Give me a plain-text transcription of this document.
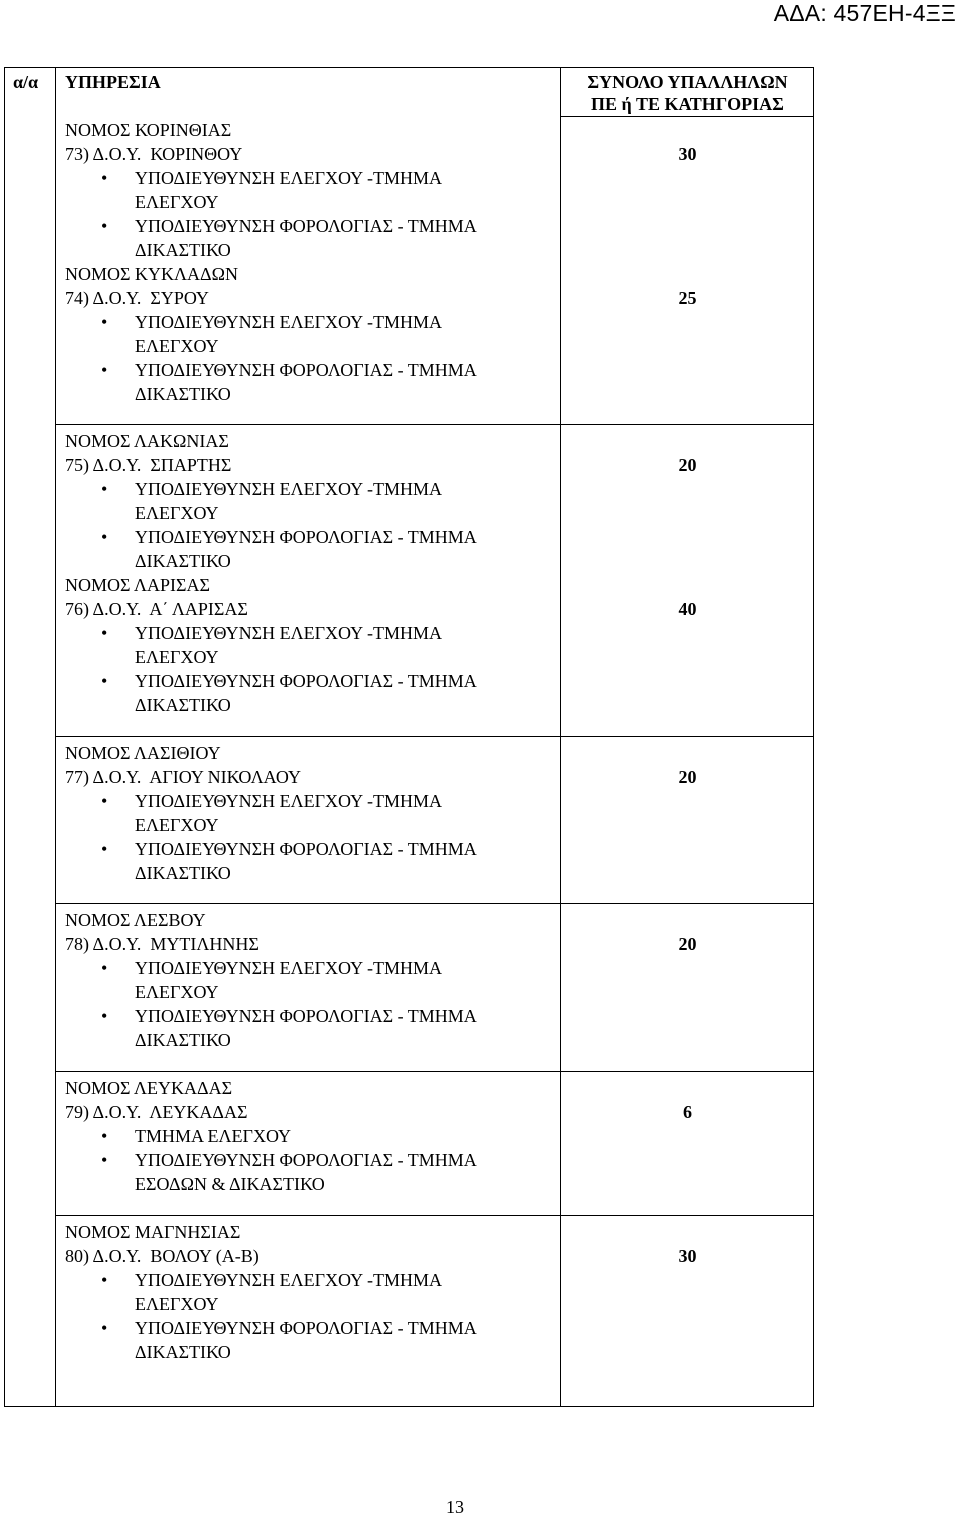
ΑΔΑ: 457ΕΗ-4ΞΞ
α/α ΥΠΗΡΕΣΙΑ	ΣΥΝΟΛΟ ΥΠΑΛΛΗΛΩΝ
ΠΕ ή ΤΕ ΚΑΤΗΓΟΡΙΑΣ
ΝΟΜΟΣ ΚΟΡΙΝΘΙΑΣ
73) Δ.Ο.Υ.  ΚΟΡΙΝΘΟΥ
• ΥΠΟΔΙΕΥΘΥΝΣΗ ΕΛΕΓΧΟΥ -ΤΜΗΜΑ
ΕΛΕΓΧΟΥ
• ΥΠΟΔΙΕΥΘΥΝΣΗ ΦΟΡΟΛΟΓΙΑΣ - ΤΜΗΜΑ
ΔΙΚΑΣΤΙΚΟ
30
ΝΟΜΟΣ ΚΥΚΛΑΔΩΝ
74) Δ.Ο.Υ.  ΣΥΡΟΥ
• ΥΠΟΔΙΕΥΘΥΝΣΗ ΕΛΕΓΧΟΥ -ΤΜΗΜΑ
ΕΛΕΓΧΟΥ
• ΥΠΟΔΙΕΥΘΥΝΣΗ ΦΟΡΟΛΟΓΙΑΣ - ΤΜΗΜΑ
ΔΙΚΑΣΤΙΚΟ
25
ΝΟΜΟΣ ΛΑΚΩΝΙΑΣ
75) Δ.Ο.Υ.  ΣΠΑΡΤΗΣ
• ΥΠΟΔΙΕΥΘΥΝΣΗ ΕΛΕΓΧΟΥ -ΤΜΗΜΑ
ΕΛΕΓΧΟΥ
• ΥΠΟΔΙΕΥΘΥΝΣΗ ΦΟΡΟΛΟΓΙΑΣ - ΤΜΗΜΑ
ΔΙΚΑΣΤΙΚΟ
20
ΝΟΜΟΣ ΛΑΡΙΣΑΣ
76) Δ.Ο.Υ.  Α΄ ΛΑΡΙΣΑΣ
• ΥΠΟΔΙΕΥΘΥΝΣΗ ΕΛΕΓΧΟΥ -ΤΜΗΜΑ
ΕΛΕΓΧΟΥ
• ΥΠΟΔΙΕΥΘΥΝΣΗ ΦΟΡΟΛΟΓΙΑΣ - ΤΜΗΜΑ
ΔΙΚΑΣΤΙΚΟ
40
ΝΟΜΟΣ ΛΑΣΙΘΙΟΥ
77) Δ.Ο.Υ.  ΑΓΙΟΥ ΝΙΚΟΛΑΟΥ
• ΥΠΟΔΙΕΥΘΥΝΣΗ ΕΛΕΓΧΟΥ -ΤΜΗΜΑ
ΕΛΕΓΧΟΥ
• ΥΠΟΔΙΕΥΘΥΝΣΗ ΦΟΡΟΛΟΓΙΑΣ - ΤΜΗΜΑ
ΔΙΚΑΣΤΙΚΟ
20
ΝΟΜΟΣ ΛΕΣΒΟΥ
78) Δ.Ο.Υ.  ΜΥΤΙΛΗΝΗΣ
• ΥΠΟΔΙΕΥΘΥΝΣΗ ΕΛΕΓΧΟΥ -ΤΜΗΜΑ
ΕΛΕΓΧΟΥ
• ΥΠΟΔΙΕΥΘΥΝΣΗ ΦΟΡΟΛΟΓΙΑΣ - ΤΜΗΜΑ
ΔΙΚΑΣΤΙΚΟ
20
ΝΟΜΟΣ ΛΕΥΚΑΔΑΣ
79) Δ.Ο.Υ.  ΛΕΥΚΑΔΑΣ
• ΤΜΗΜΑ ΕΛΕΓΧΟΥ
• ΥΠΟΔΙΕΥΘΥΝΣΗ ΦΟΡΟΛΟΓΙΑΣ - ΤΜΗΜΑ
ΕΣΟΔΩΝ & ΔΙΚΑΣΤΙΚΟ
6
ΝΟΜΟΣ ΜΑΓΝΗΣΙΑΣ
80) Δ.Ο.Υ.  ΒΟΛΟΥ (Α-Β)
• ΥΠΟΔΙΕΥΘΥΝΣΗ ΕΛΕΓΧΟΥ -ΤΜΗΜΑ
ΕΛΕΓΧΟΥ
• ΥΠΟΔΙΕΥΘΥΝΣΗ ΦΟΡΟΛΟΓΙΑΣ - ΤΜΗΜΑ
ΔΙΚΑΣΤΙΚΟ
30
13
